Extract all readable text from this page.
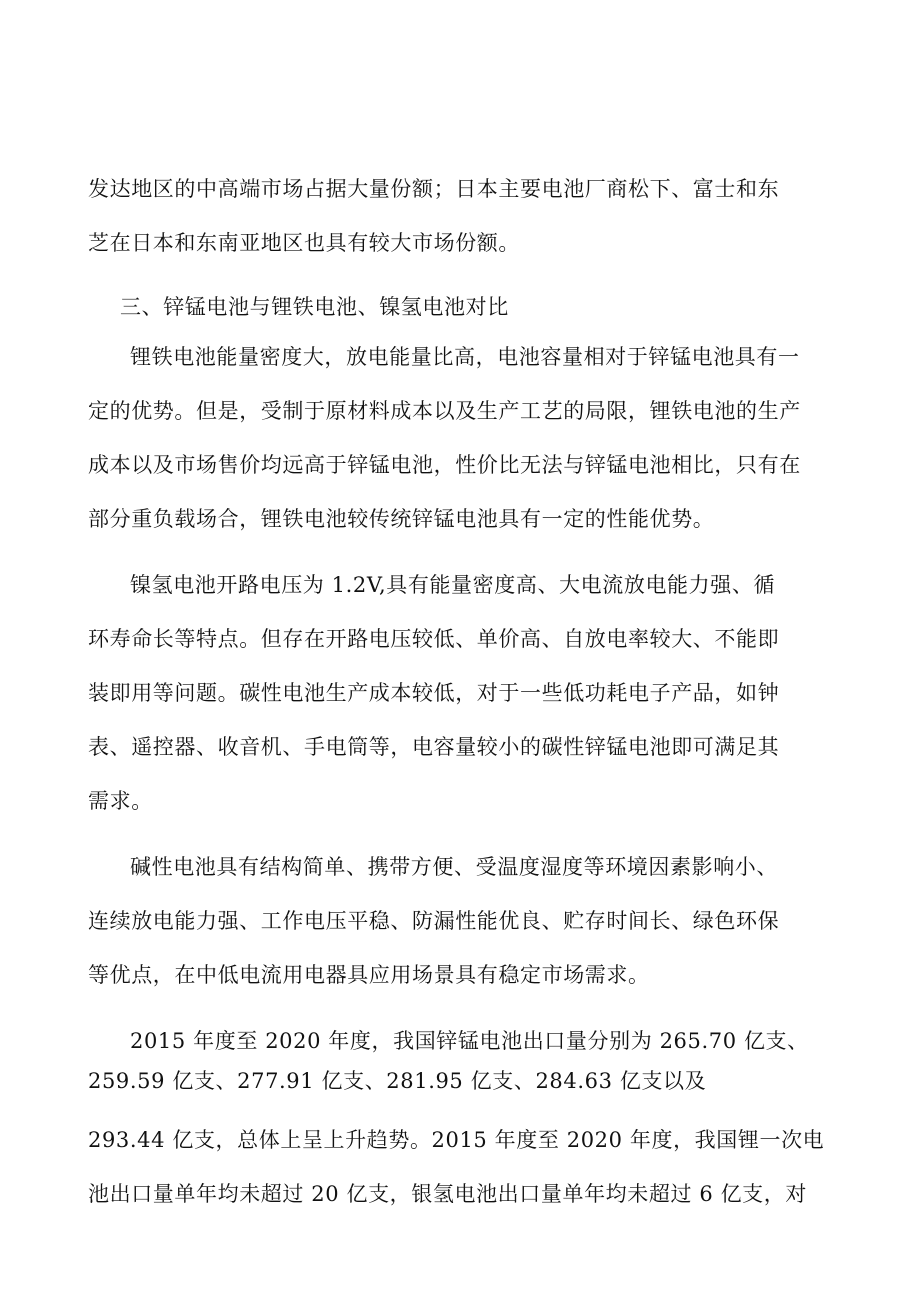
发达地区的中高端市场占据大量份额；日本主要电池厂商松下、富士和东
芝在日本和东南亚地区也具有较大市场份额。
三、锌锰电池与锂铁电池、镍氢电池对比
锂铁电池能量密度大，放电能量比高，电池容量相对于锌锰电池具有一
定的优势。但是，受制于原材料成本以及生产工艺的局限，锂铁电池的生产
成本以及市场售价均远高于锌锰电池，性价比无法与锌锰电池相比，只有在
部分重负载场合，锂铁电池较传统锌锰电池具有一定的性能优势。
镍氢电池开路电压为 1.2V,具有能量密度高、大电流放电能力强、循
环寿命长等特点。但存在开路电压较低、单价高、自放电率较大、不能即
装即用等问题。碳性电池生产成本较低，对于一些低功耗电子产品，如钟
表、遥控器、收音机、手电筒等，电容量较小的碳性锌锰电池即可满足其
需求。
碱性电池具有结构简单、携带方便、受温度湿度等环境因素影响小、
连续放电能力强、工作电压平稳、防漏性能优良、贮存时间长、绿色环保
等优点，在中低电流用电器具应用场景具有稳定市场需求。
2015 年度至 2020 年度，我国锌锰电池出口量分别为 265.70 亿支、
259.59 亿支、277.91 亿支、281.95 亿支、284.63 亿支以及
293.44 亿支，总体上呈上升趋势。2015 年度至 2020 年度，我国锂一次电
池出口量单年均未超过 20 亿支，银氢电池出口量单年均未超过 6 亿支，对
